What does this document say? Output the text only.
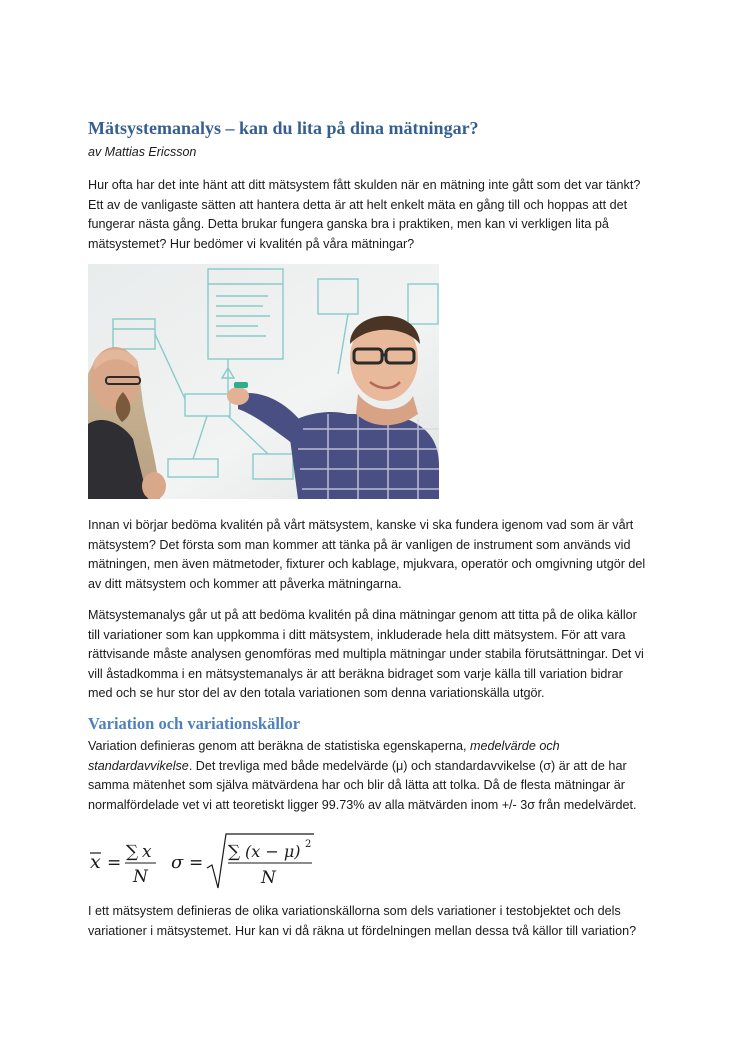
Mätsystemanalys – kan du lita på dina mätningar?

av Mattias Ericsson

Hur ofta har det inte hänt att ditt mätsystem fått skulden när en mätning inte gått som det var tänkt?
Ett av de vanligaste sätten att hantera detta är att helt enkelt mäta en gång till och hoppas att det
fungerar nästa gång. Detta brukar fungera ganska bra i praktiken, men kan vi verkligen lita på
mätsystemet? Hur bedömer vi kvalitén på våra mätningar?

Innan vi börjar bedöma kvalitén på vårt mätsystem, kanske vi ska fundera igenom vad som är vårt
mätsystem? Det första som man kommer att tänka på är vanligen de instrument som används vid
mätningen, men även mätmetoder, fixturer och kablage, mjukvara, operatör och omgivning utgör del
av ditt mätsystem och kommer att påverka mätningarna.

Mätsystemanalys går ut på att bedöma kvalitén på dina mätningar genom att titta på de olika källor
till variationer som kan uppkomma i ditt mätsystem, inkluderade hela ditt mätsystem. För att vara
rättvisande måste analysen genomföras med multipla mätningar under stabila förutsättningar. Det vi
vill åstadkomma i en mätsystemanalys är att beräkna bidraget som varje källa till variation bidrar
med och se hur stor del av den totala variationen som denna variationskälla utgör.

Variation och variationskällor

Variation definieras genom att beräkna de statistiska egenskaperna, medelvärde och
standardavvikelse. Det trevliga med både medelvärde (μ) och standardavvikelse (σ) är att de har
samma mätenhet som själva mätvärdena har och blir då lätta att tolka. Då de flesta mätningar är
normalfördelade vet vi att teoretiskt ligger 99.73% av alla mätvärden inom +/- 3σ från medelvärdet.

x =
∑ x
N
σ =
∑ (x − μ) 2
N

I ett mätsystem definieras de olika variationskällorna som dels variationer i testobjektet och dels
variationer i mätsystemet. Hur kan vi då räkna ut fördelningen mellan dessa två källor till variation?
